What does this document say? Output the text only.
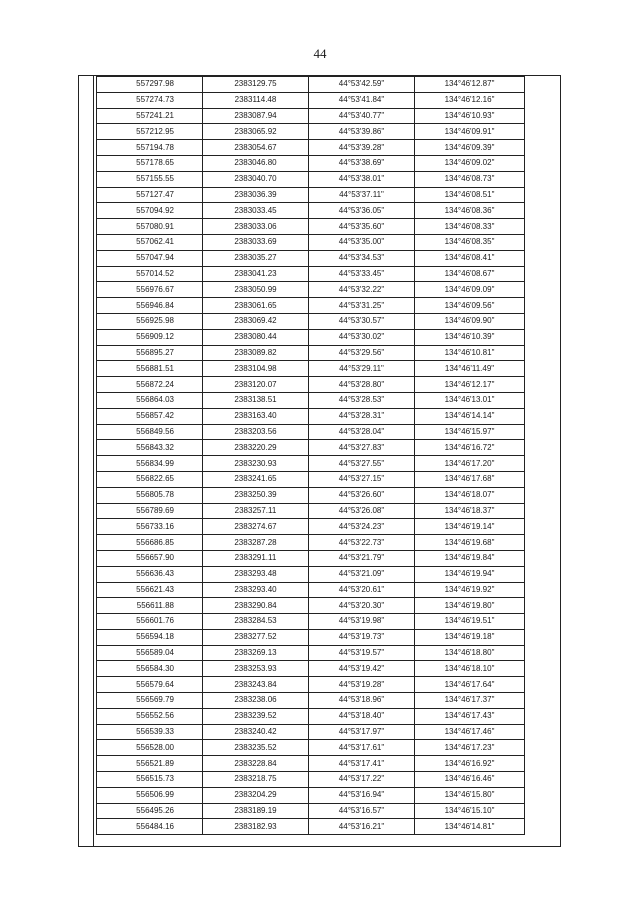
44
557297.98	2383129.75	44°53'42.59"	134°46'12.87"
557274.73	2383114.48	44°53'41.84"	134°46'12.16"
557241.21	2383087.94	44°53'40.77"	134°46'10.93"
557212.95	2383065.92	44°53'39.86"	134°46'09.91"
557194.78	2383054.67	44°53'39.28"	134°46'09.39"
557178.65	2383046.80	44°53'38.69"	134°46'09.02"
557155.55	2383040.70	44°53'38.01"	134°46'08.73"
557127.47	2383036.39	44°53'37.11"	134°46'08.51"
557094.92	2383033.45	44°53'36.05"	134°46'08.36"
557080.91	2383033.06	44°53'35.60"	134°46'08.33"
557062.41	2383033.69	44°53'35.00"	134°46'08.35"
557047.94	2383035.27	44°53'34.53"	134°46'08.41"
557014.52	2383041.23	44°53'33.45"	134°46'08.67"
556976.67	2383050.99	44°53'32.22"	134°46'09.09"
556946.84	2383061.65	44°53'31.25"	134°46'09.56"
556925.98	2383069.42	44°53'30.57"	134°46'09.90"
556909.12	2383080.44	44°53'30.02"	134°46'10.39"
556895.27	2383089.82	44°53'29.56"	134°46'10.81"
556881.51	2383104.98	44°53'29.11"	134°46'11.49"
556872.24	2383120.07	44°53'28.80"	134°46'12.17"
556864.03	2383138.51	44°53'28.53"	134°46'13.01"
556857.42	2383163.40	44°53'28.31"	134°46'14.14"
556849.56	2383203.56	44°53'28.04"	134°46'15.97"
556843.32	2383220.29	44°53'27.83"	134°46'16.72"
556834.99	2383230.93	44°53'27.55"	134°46'17.20"
556822.65	2383241.65	44°53'27.15"	134°46'17.68"
556805.78	2383250.39	44°53'26.60"	134°46'18.07"
556789.69	2383257.11	44°53'26.08"	134°46'18.37"
556733.16	2383274.67	44°53'24.23"	134°46'19.14"
556686.85	2383287.28	44°53'22.73"	134°46'19.68"
556657.90	2383291.11	44°53'21.79"	134°46'19.84"
556636.43	2383293.48	44°53'21.09"	134°46'19.94"
556621.43	2383293.40	44°53'20.61"	134°46'19.92"
556611.88	2383290.84	44°53'20.30"	134°46'19.80"
556601.76	2383284.53	44°53'19.98"	134°46'19.51"
556594.18	2383277.52	44°53'19.73"	134°46'19.18"
556589.04	2383269.13	44°53'19.57"	134°46'18.80"
556584.30	2383253.93	44°53'19.42"	134°46'18.10"
556579.64	2383243.84	44°53'19.28"	134°46'17.64"
556569.79	2383238.06	44°53'18.96"	134°46'17.37"
556552.56	2383239.52	44°53'18.40"	134°46'17.43"
556539.33	2383240.42	44°53'17.97"	134°46'17.46"
556528.00	2383235.52	44°53'17.61"	134°46'17.23"
556521.89	2383228.84	44°53'17.41"	134°46'16.92"
556515.73	2383218.75	44°53'17.22"	134°46'16.46"
556506.99	2383204.29	44°53'16.94"	134°46'15.80"
556495.26	2383189.19	44°53'16.57"	134°46'15.10"
556484.16	2383182.93	44°53'16.21"	134°46'14.81"
